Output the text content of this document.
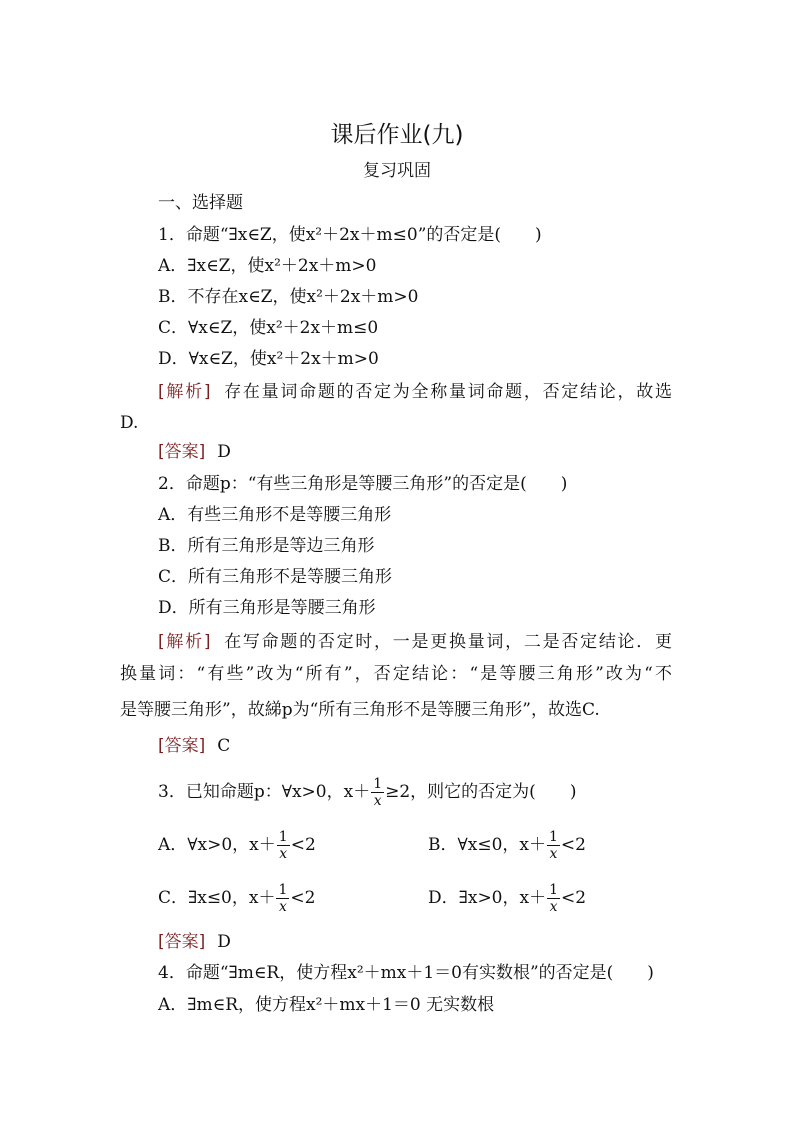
课后作业(九)
复习巩固
一、选择题
1．命题“∃x∈Z，使x²＋2x＋m≤0”的否定是(　　)
A．∃x∈Z，使x²＋2x＋m>0
B．不存在x∈Z，使x²＋2x＋m>0
C．∀x∈Z，使x²＋2x＋m≤0
D．∀x∈Z，使x²＋2x＋m>0
[解析] 存在量词命题的否定为全称量词命题，否定结论，故选
D.
[答案] D
2．命题p：“有些三角形是等腰三角形”的否定是(　　)
A．有些三角形不是等腰三角形
B．所有三角形是等边三角形
C．所有三角形不是等腰三角形
D．所有三角形是等腰三角形
[解析] 在写命题的否定时，一是更换量词，二是否定结论．更
换量词：“有些”改为“所有”，否定结论：“是等腰三角形”改为“不
是等腰三角形”，故綈p为“所有三角形不是等腰三角形”，故选C.
[答案] C
3．已知命题p：∀x>0，$x+ \frac{1}{x} \ge 2$，则它的否定为(　　)
A．∀x>0，$x+ \frac{1}{x} <2$	B．∀x≤0，$x+ \frac{1}{x} <2$
C．∃x≤0，$x+ \frac{1}{x} <2$	D．∃x>0，$x+ \frac{1}{x} <2$
[答案] D
4．命题“∃m∈R，使方程x²＋mx＋1＝0有实数根”的否定是(　　)
A．∃m∈R，使方程x²＋mx＋1＝0 无实数根
